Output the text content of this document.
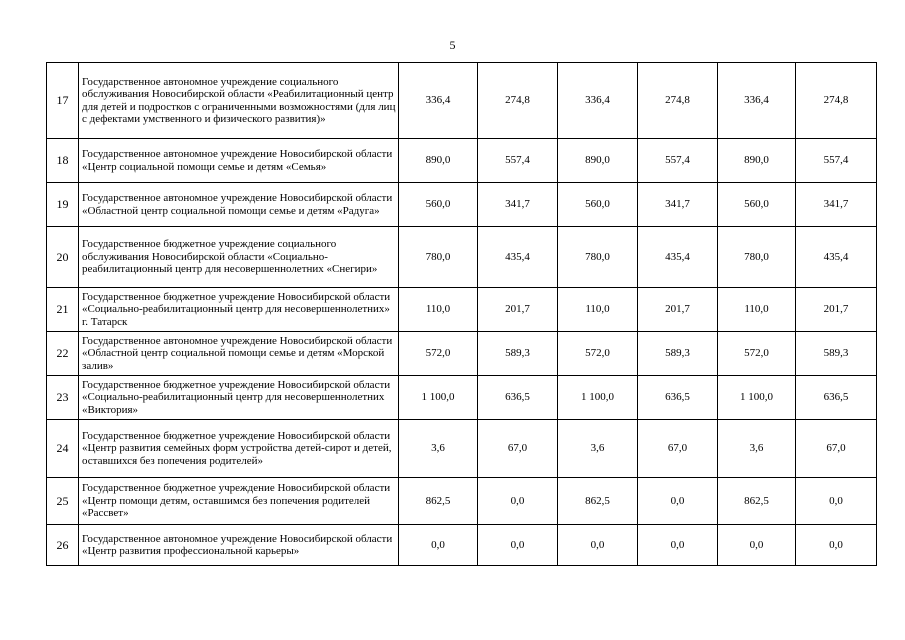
5
17	Государственное автономное учреждение социального обслуживания Новосибирской области «Реабилитационный центр для детей и подростков с ограниченными возможностями (для лиц с дефектами умственного и физического развития)»	336,4	274,8	336,4	274,8	336,4	274,8
18	Государственное автономное учреждение Новосибирской области «Центр социальной помощи семье и детям «Семья»	890,0	557,4	890,0	557,4	890,0	557,4
19	Государственное автономное учреждение Новосибирской области «Областной центр социальной помощи семье и детям «Радуга»	560,0	341,7	560,0	341,7	560,0	341,7
20	Государственное бюджетное учреждение социального обслуживания Новосибирской области «Социально-реабилитационный центр для несовершеннолетних «Снегири»	780,0	435,4	780,0	435,4	780,0	435,4
21	Государственное бюджетное учреждение Новосибирской области «Социально-реабилитационный центр для несовершеннолетних» г. Татарск	110,0	201,7	110,0	201,7	110,0	201,7
22	Государственное автономное учреждение Новосибирской области «Областной центр социальной помощи семье и детям «Морской залив»	572,0	589,3	572,0	589,3	572,0	589,3
23	Государственное бюджетное учреждение Новосибирской области «Социально-реабилитационный центр для несовершеннолетних «Виктория»	1 100,0	636,5	1 100,0	636,5	1 100,0	636,5
24	Государственное бюджетное учреждение Новосибирской области «Центр развития семейных форм устройства детей-сирот и детей, оставшихся без попечения родителей»	3,6	67,0	3,6	67,0	3,6	67,0
25	Государственное бюджетное учреждение Новосибирской области «Центр помощи детям, оставшимся без попечения родителей «Рассвет»	862,5	0,0	862,5	0,0	862,5	0,0
26	Государственное автономное учреждение Новосибирской области «Центр развития профессиональной карьеры»	0,0	0,0	0,0	0,0	0,0	0,0
